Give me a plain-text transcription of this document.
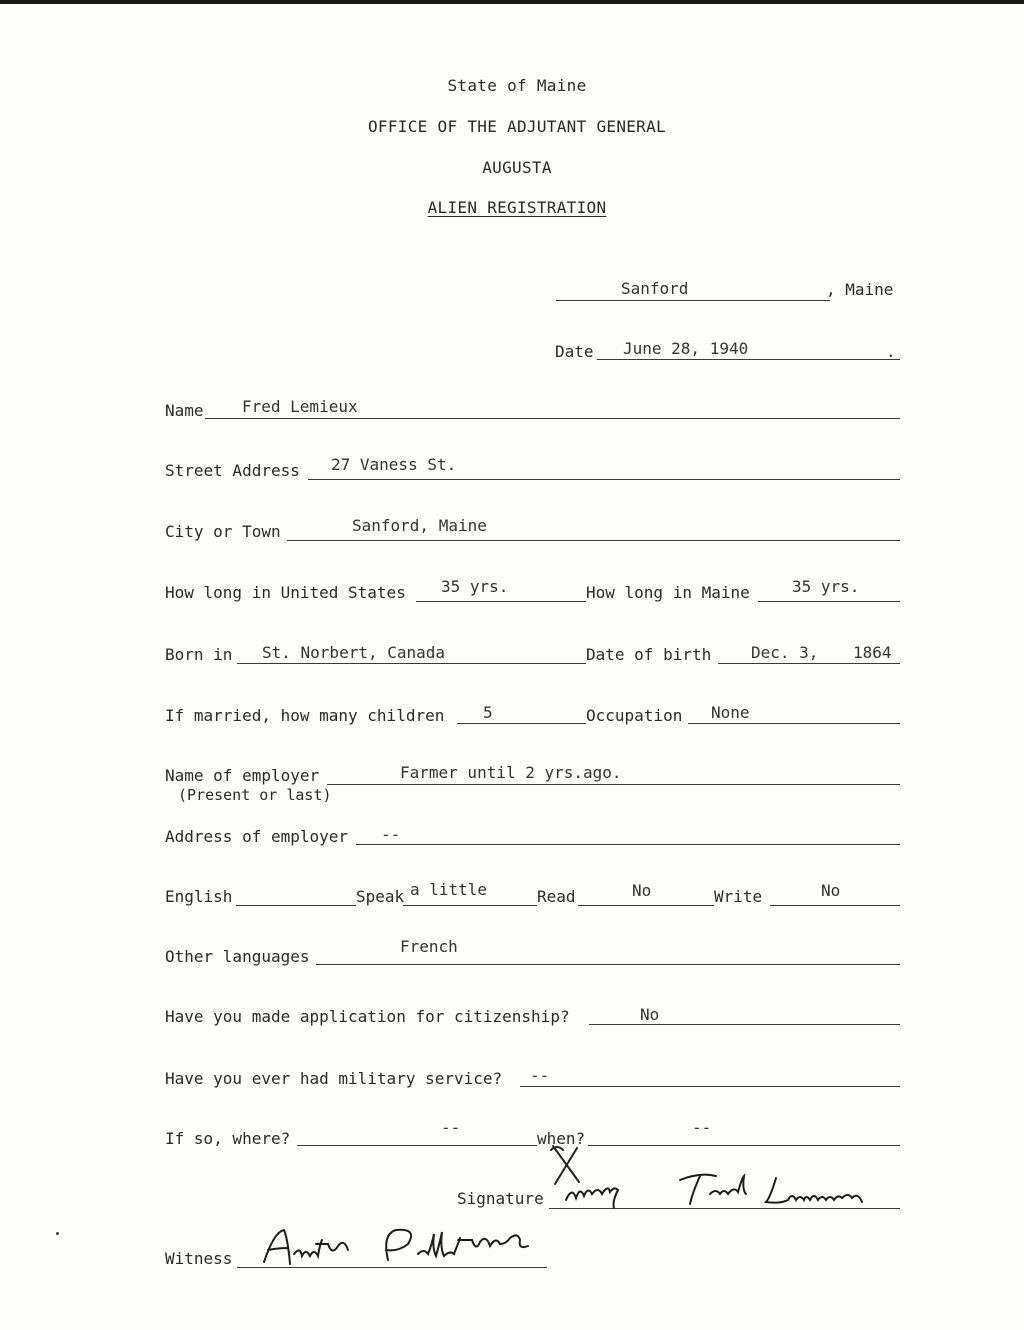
State of Maine
OFFICE OF THE ADJUTANT GENERAL
AUGUSTA
ALIEN REGISTRATION
Sanford	, Maine
Date June 28, 1940	.
Name Fred Lemieux
Street Address 27 Vaness St.
City or Town	Sanford, Maine
How long in United States 35 yrs.	How long in Maine	35 yrs.
Born in St. Norbert, Canada	Date of birth Dec. 3, 1864
If married, how many children 5	Occupation None
Name of employer
(Present or last)
Farmer until 2 yrs.ago.
Address of employer --
English	Speak a little	Read	No	Write	No
Other languages
French
Have you made application for citizenship?	No
Have you ever had military service? --
If so, where?
--
when?
--
Signature
Witness
